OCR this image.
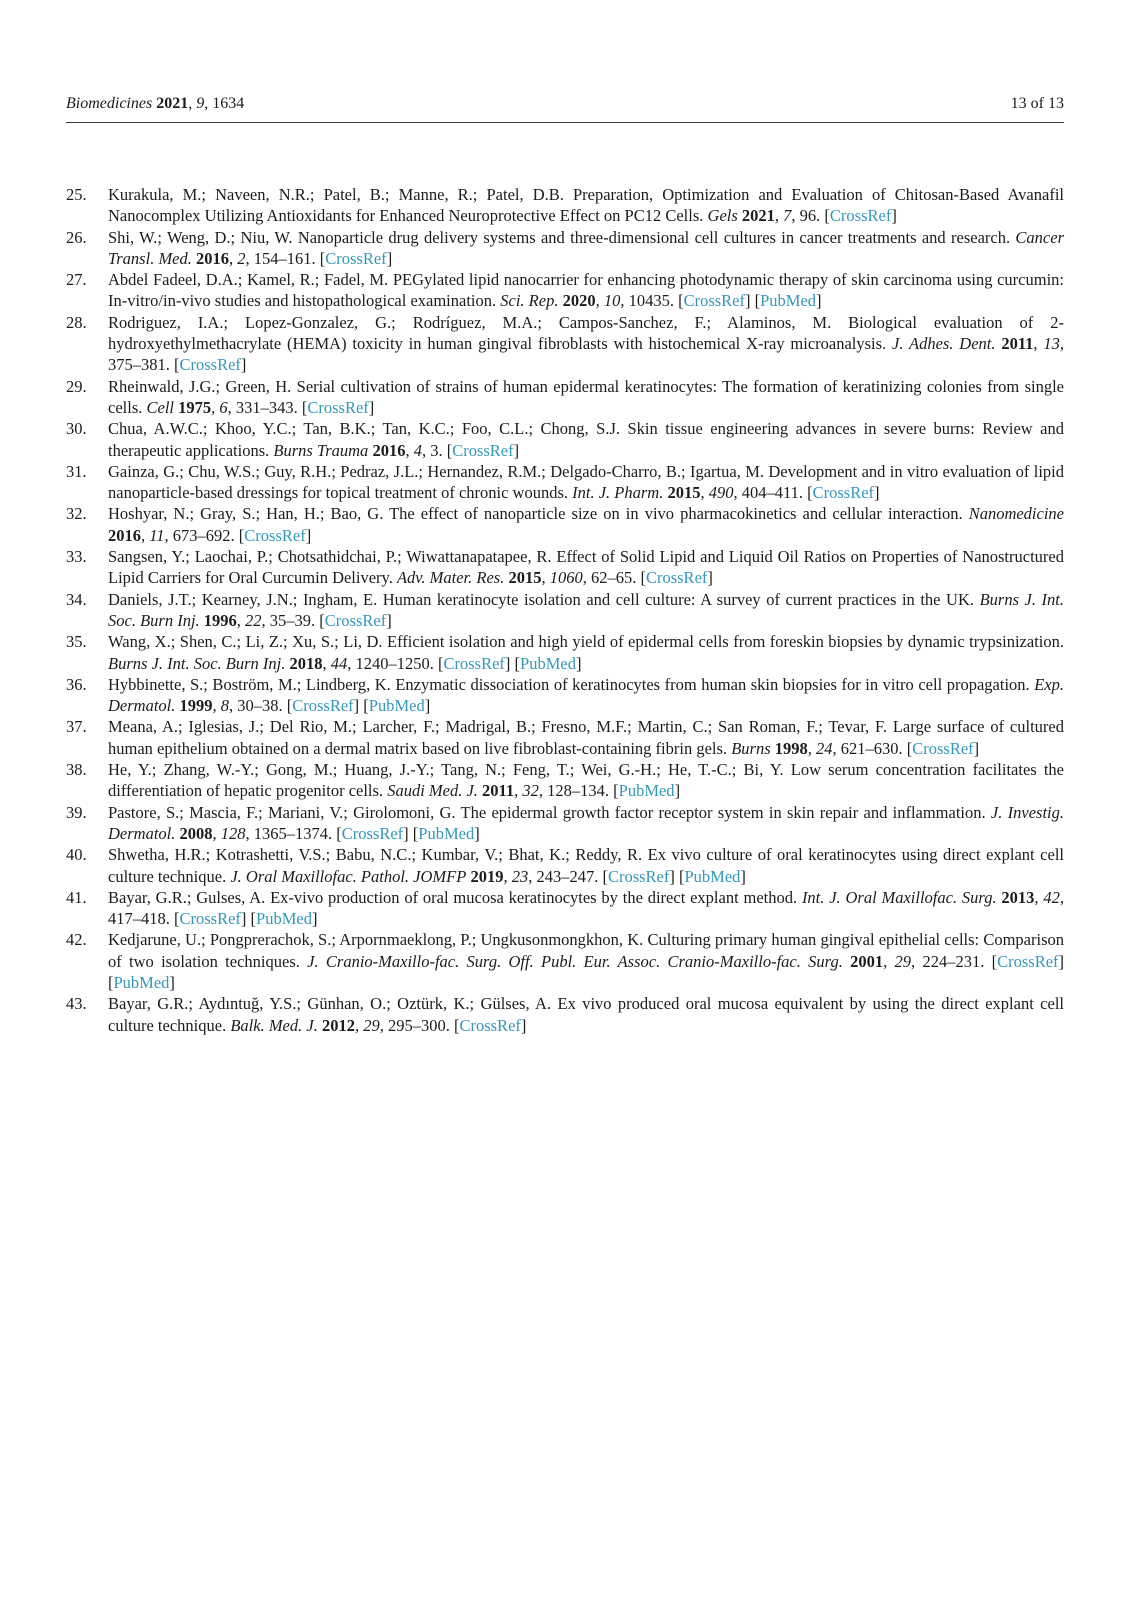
Biomedicines 2021, 9, 1634	13 of 13
25.	Kurakula, M.; Naveen, N.R.; Patel, B.; Manne, R.; Patel, D.B. Preparation, Optimization and Evaluation of Chitosan-Based Avanafil Nanocomplex Utilizing Antioxidants for Enhanced Neuroprotective Effect on PC12 Cells. Gels 2021, 7, 96. [CrossRef]
26.	Shi, W.; Weng, D.; Niu, W. Nanoparticle drug delivery systems and three-dimensional cell cultures in cancer treatments and research. Cancer Transl. Med. 2016, 2, 154–161. [CrossRef]
27.	Abdel Fadeel, D.A.; Kamel, R.; Fadel, M. PEGylated lipid nanocarrier for enhancing photodynamic therapy of skin carcinoma using curcumin: In-vitro/in-vivo studies and histopathological examination. Sci. Rep. 2020, 10, 10435. [CrossRef] [PubMed]
28.	Rodriguez, I.A.; Lopez-Gonzalez, G.; Rodríguez, M.A.; Campos-Sanchez, F.; Alaminos, M. Biological evaluation of 2-hydroxyethylmethacrylate (HEMA) toxicity in human gingival fibroblasts with histochemical X-ray microanalysis. J. Adhes. Dent. 2011, 13, 375–381. [CrossRef]
29.	Rheinwald, J.G.; Green, H. Serial cultivation of strains of human epidermal keratinocytes: The formation of keratinizing colonies from single cells. Cell 1975, 6, 331–343. [CrossRef]
30.	Chua, A.W.C.; Khoo, Y.C.; Tan, B.K.; Tan, K.C.; Foo, C.L.; Chong, S.J. Skin tissue engineering advances in severe burns: Review and therapeutic applications. Burns Trauma 2016, 4, 3. [CrossRef]
31.	Gainza, G.; Chu, W.S.; Guy, R.H.; Pedraz, J.L.; Hernandez, R.M.; Delgado-Charro, B.; Igartua, M. Development and in vitro evaluation of lipid nanoparticle-based dressings for topical treatment of chronic wounds. Int. J. Pharm. 2015, 490, 404–411. [CrossRef]
32.	Hoshyar, N.; Gray, S.; Han, H.; Bao, G. The effect of nanoparticle size on in vivo pharmacokinetics and cellular interaction. Nanomedicine 2016, 11, 673–692. [CrossRef]
33.	Sangsen, Y.; Laochai, P.; Chotsathidchai, P.; Wiwattanapatapee, R. Effect of Solid Lipid and Liquid Oil Ratios on Properties of Nanostructured Lipid Carriers for Oral Curcumin Delivery. Adv. Mater. Res. 2015, 1060, 62–65. [CrossRef]
34.	Daniels, J.T.; Kearney, J.N.; Ingham, E. Human keratinocyte isolation and cell culture: A survey of current practices in the UK. Burns J. Int. Soc. Burn Inj. 1996, 22, 35–39. [CrossRef]
35.	Wang, X.; Shen, C.; Li, Z.; Xu, S.; Li, D. Efficient isolation and high yield of epidermal cells from foreskin biopsies by dynamic trypsinization. Burns J. Int. Soc. Burn Inj. 2018, 44, 1240–1250. [CrossRef] [PubMed]
36.	Hybbinette, S.; Boström, M.; Lindberg, K. Enzymatic dissociation of keratinocytes from human skin biopsies for in vitro cell propagation. Exp. Dermatol. 1999, 8, 30–38. [CrossRef] [PubMed]
37.	Meana, A.; Iglesias, J.; Del Rio, M.; Larcher, F.; Madrigal, B.; Fresno, M.F.; Martin, C.; San Roman, F.; Tevar, F. Large surface of cultured human epithelium obtained on a dermal matrix based on live fibroblast-containing fibrin gels. Burns 1998, 24, 621–630. [CrossRef]
38.	He, Y.; Zhang, W.-Y.; Gong, M.; Huang, J.-Y.; Tang, N.; Feng, T.; Wei, G.-H.; He, T.-C.; Bi, Y. Low serum concentration facilitates the differentiation of hepatic progenitor cells. Saudi Med. J. 2011, 32, 128–134. [PubMed]
39.	Pastore, S.; Mascia, F.; Mariani, V.; Girolomoni, G. The epidermal growth factor receptor system in skin repair and inflammation. J. Investig. Dermatol. 2008, 128, 1365–1374. [CrossRef] [PubMed]
40.	Shwetha, H.R.; Kotrashetti, V.S.; Babu, N.C.; Kumbar, V.; Bhat, K.; Reddy, R. Ex vivo culture of oral keratinocytes using direct explant cell culture technique. J. Oral Maxillofac. Pathol. JOMFP 2019, 23, 243–247. [CrossRef] [PubMed]
41.	Bayar, G.R.; Gulses, A. Ex-vivo production of oral mucosa keratinocytes by the direct explant method. Int. J. Oral Maxillofac. Surg. 2013, 42, 417–418. [CrossRef] [PubMed]
42.	Kedjarune, U.; Pongprerachok, S.; Arpornmaeklong, P.; Ungkusonmongkhon, K. Culturing primary human gingival epithelial cells: Comparison of two isolation techniques. J. Cranio-Maxillo-fac. Surg. Off. Publ. Eur. Assoc. Cranio-Maxillo-fac. Surg. 2001, 29, 224–231. [CrossRef] [PubMed]
43.	Bayar, G.R.; Aydıntuğ, Y.S.; Günhan, O.; Oztürk, K.; Gülses, A. Ex vivo produced oral mucosa equivalent by using the direct explant cell culture technique. Balk. Med. J. 2012, 29, 295–300. [CrossRef]
